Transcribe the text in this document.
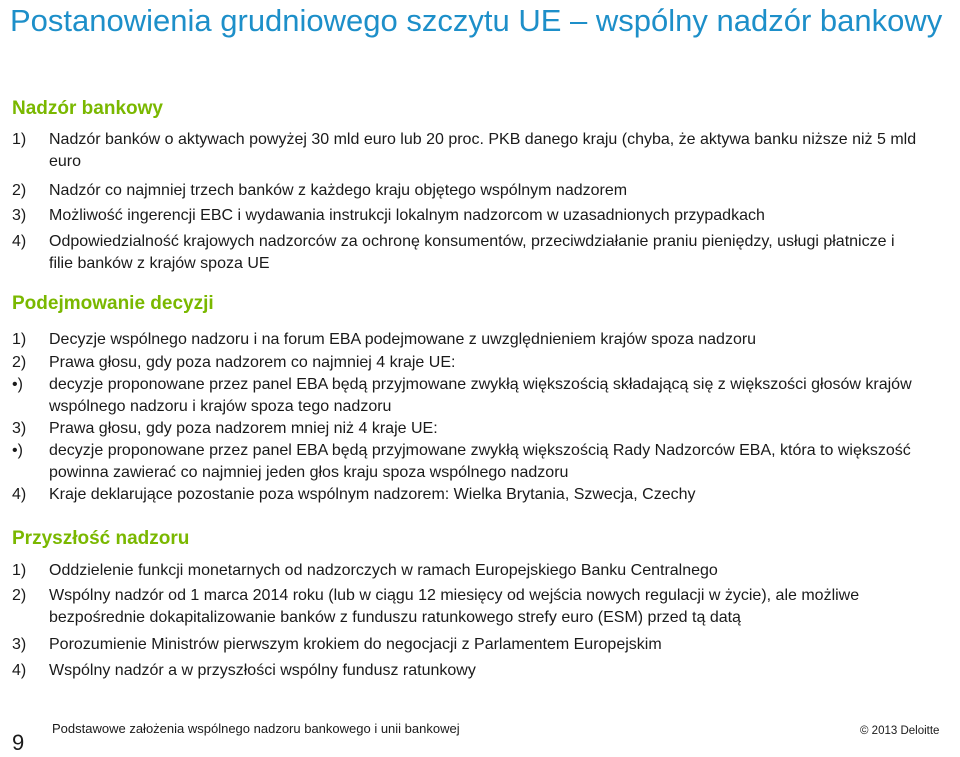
Postanowienia grudniowego szczytu UE – wspólny nadzór bankowy
Nadzór bankowy
1) Nadzór banków o aktywach powyżej 30 mld euro lub 20 proc. PKB danego kraju (chyba, że aktywa banku niższe niż 5 mld euro
2) Nadzór co najmniej trzech banków z każdego kraju objętego wspólnym nadzorem
3) Możliwość ingerencji EBC i wydawania instrukcji lokalnym nadzorcom w uzasadnionych przypadkach
4) Odpowiedzialność krajowych nadzorców za ochronę konsumentów, przeciwdziałanie praniu pieniędzy, usługi płatnicze i filie banków z krajów spoza UE
Podejmowanie decyzji
1) Decyzje wspólnego nadzoru i na forum EBA podejmowane z uwzględnieniem krajów spoza nadzoru
2) Prawa głosu, gdy poza nadzorem co najmniej 4 kraje UE:
•) decyzje proponowane przez panel EBA będą przyjmowane zwykłą większością składającą się z większości głosów krajów wspólnego nadzoru i krajów spoza tego nadzoru
3) Prawa głosu, gdy poza nadzorem mniej niż 4 kraje UE:
•) decyzje proponowane przez panel EBA będą przyjmowane zwykłą większością Rady Nadzorców EBA, która to większość powinna zawierać co najmniej jeden głos kraju spoza wspólnego nadzoru
4) Kraje deklarujące pozostanie poza wspólnym nadzorem: Wielka Brytania, Szwecja, Czechy
Przyszłość nadzoru
1) Oddzielenie funkcji monetarnych od nadzorczych w ramach Europejskiego Banku Centralnego
2) Wspólny nadzór od 1 marca 2014 roku (lub w ciągu 12 miesięcy od wejścia nowych regulacji w życie), ale możliwe bezpośrednie dokapitalizowanie banków z funduszu ratunkowego strefy euro (ESM) przed tą datą
3) Porozumienie Ministrów pierwszym krokiem do negocjacji z Parlamentem Europejskim
4) Wspólny nadzór a w przyszłości wspólny fundusz ratunkowy
9
Podstawowe założenia wspólnego nadzoru bankowego i unii bankowej	© 2013 Deloitte
